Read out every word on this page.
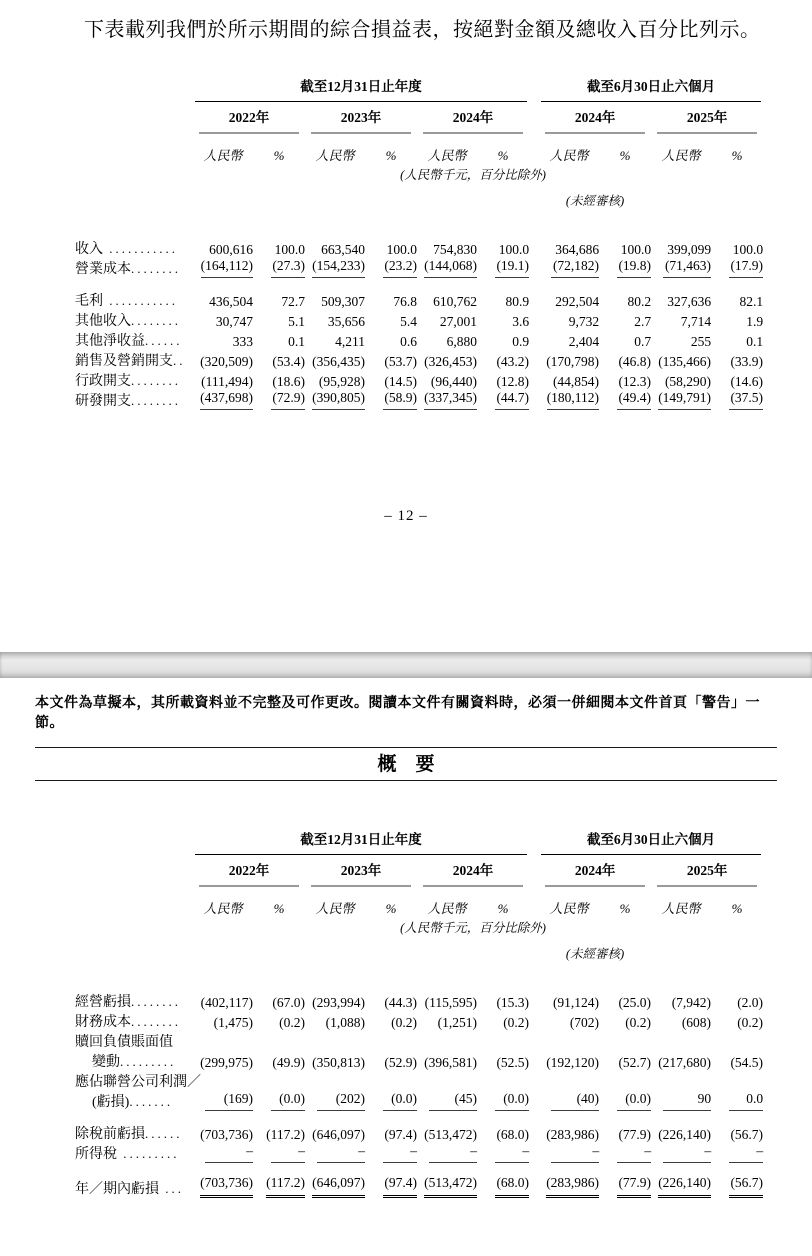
下表載列我們於所示期間的綜合損益表，按絕對金額及總收入百分比列示。

	截至12月31日止年度							截至6月30日止六個月			

	2022年		2023年		2024年			2024年		2025年	

	人民幣	%	人民幣	%	人民幣	%		人民幣	%	人民幣	%

					(人民幣千元，百分比除外)						

								(未經審核)			

收入 ...........	600,616	100.0	663,540	100.0	754,830	100.0		364,686	100.0	399,099	100.0
營業成本........	(164,112)	(27.3)	(154,233)	(23.2)	(144,068)	(19.1)		(72,182)	(19.8)	(71,463)	(17.9)
毛利 ...........	436,504	72.7	509,307	76.8	610,762	80.9		292,504	80.2	327,636	82.1
其他收入........	30,747	5.1	35,656	5.4	27,001	3.6		9,732	2.7	7,714	1.9
其他淨收益......	333	0.1	4,211	0.6	6,880	0.9		2,404	0.7	255	0.1
銷售及營銷開支..	(320,509)	(53.4)	(356,435)	(53.7)	(326,453)	(43.2)		(170,798)	(46.8)	(135,466)	(33.9)
行政開支........	(111,494)	(18.6)	(95,928)	(14.5)	(96,440)	(12.8)		(44,854)	(12.3)	(58,290)	(14.6)
研發開支........	(437,698)	(72.9)	(390,805)	(58.9)	(337,345)	(44.7)		(180,112)	(49.4)	(149,791)	(37.5)
– 12 –

本文件為草擬本，其所載資料並不完整及可作更改。閱讀本文件有關資料時，必須一併細閱本文件首頁「警告」一節。

概　要

	截至12月31日止年度							截至6月30日止六個月			

	2022年		2023年		2024年			2024年		2025年	

	人民幣	%	人民幣	%	人民幣	%		人民幣	%	人民幣	%

					(人民幣千元，百分比除外)						

								(未經審核)			

經營虧損........	(402,117)	(67.0)	(293,994)	(44.3)	(115,595)	(15.3)		(91,124)	(25.0)	(7,942)	(2.0)
財務成本........	(1,475)	(0.2)	(1,088)	(0.2)	(1,251)	(0.2)		(702)	(0.2)	(608)	(0.2)
贖回負債賬面值											
變動.........	(299,975)	(49.9)	(350,813)	(52.9)	(396,581)	(52.5)		(192,120)	(52.7)	(217,680)	(54.5)
應佔聯營公司利潤／											
(虧損).......	(169)	(0.0)	(202)	(0.0)	(45)	(0.0)		(40)	(0.0)	90	0.0
除稅前虧損......	(703,736)	(117.2)	(646,097)	(97.4)	(513,472)	(68.0)		(283,986)	(77.9)	(226,140)	(56.7)
所得稅 .........	–	–	–	–	–	–		–	–	–	–
年／期內虧損 ...	(703,736)	(117.2)	(646,097)	(97.4)	(513,472)	(68.0)		(283,986)	(77.9)	(226,140)	(56.7)
